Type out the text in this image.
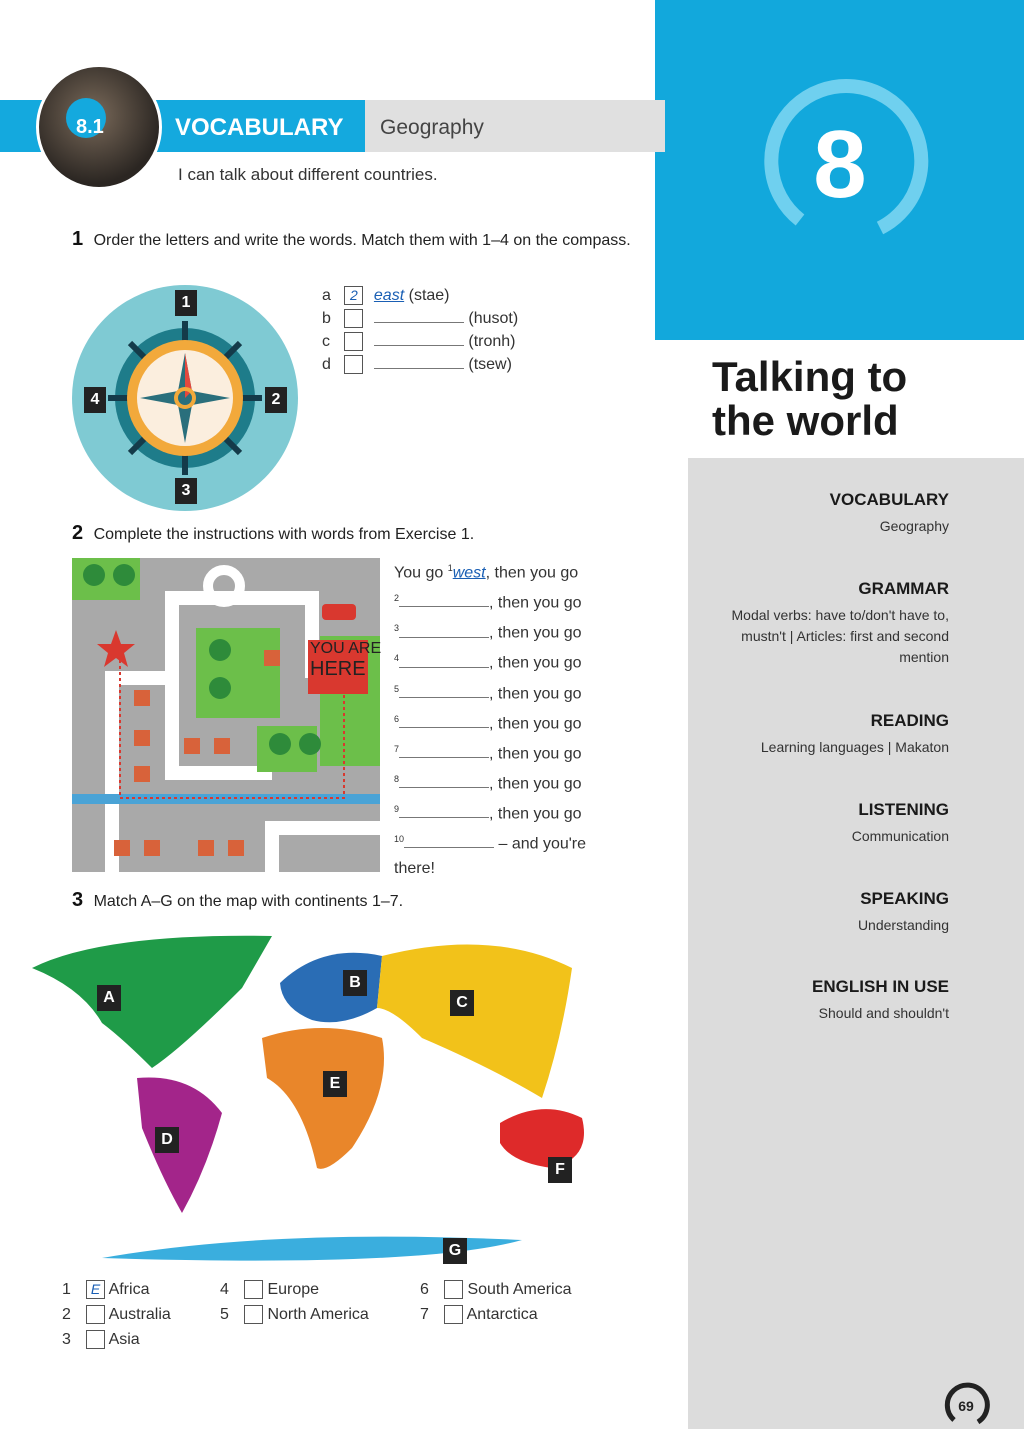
8
Talking to
the world
VOCABULARY
Geography
GRAMMAR
Modal verbs: have to/don't have to, mustn't | Articles: first and second mention
READING
Learning languages | Makaton
LISTENING
Communication
SPEAKING
Understanding
ENGLISH IN USE
Should and shouldn't
8.1	VOCABULARY Geography
I can talk about different countries.
1 Order the letters and write the words. Match them with 1–4 on the compass.
1
2
3
4
a 2 east (stae)
b	(husot)
c	(tronh)
d	(tsew)
2 Complete the instructions with words from Exercise 1.
YOU ARE
HERE
You go $^1$west, then you go
$^2$	, then you go
$^3$	, then you go
$^4$	, then you go
$^5$	, then you go
$^6$	, then you go
$^7$	, then you go
$^8$	, then you go
$^9$	, then you go
$^{10}$	– and you're
there!
3 Match A–G on the map with continents 1–7.
A
B
C
D
E
F
G
1 E Africa
2 Australia
3 Asia
4 Europe
5 North America
6 South America
7 Antarctica
69
